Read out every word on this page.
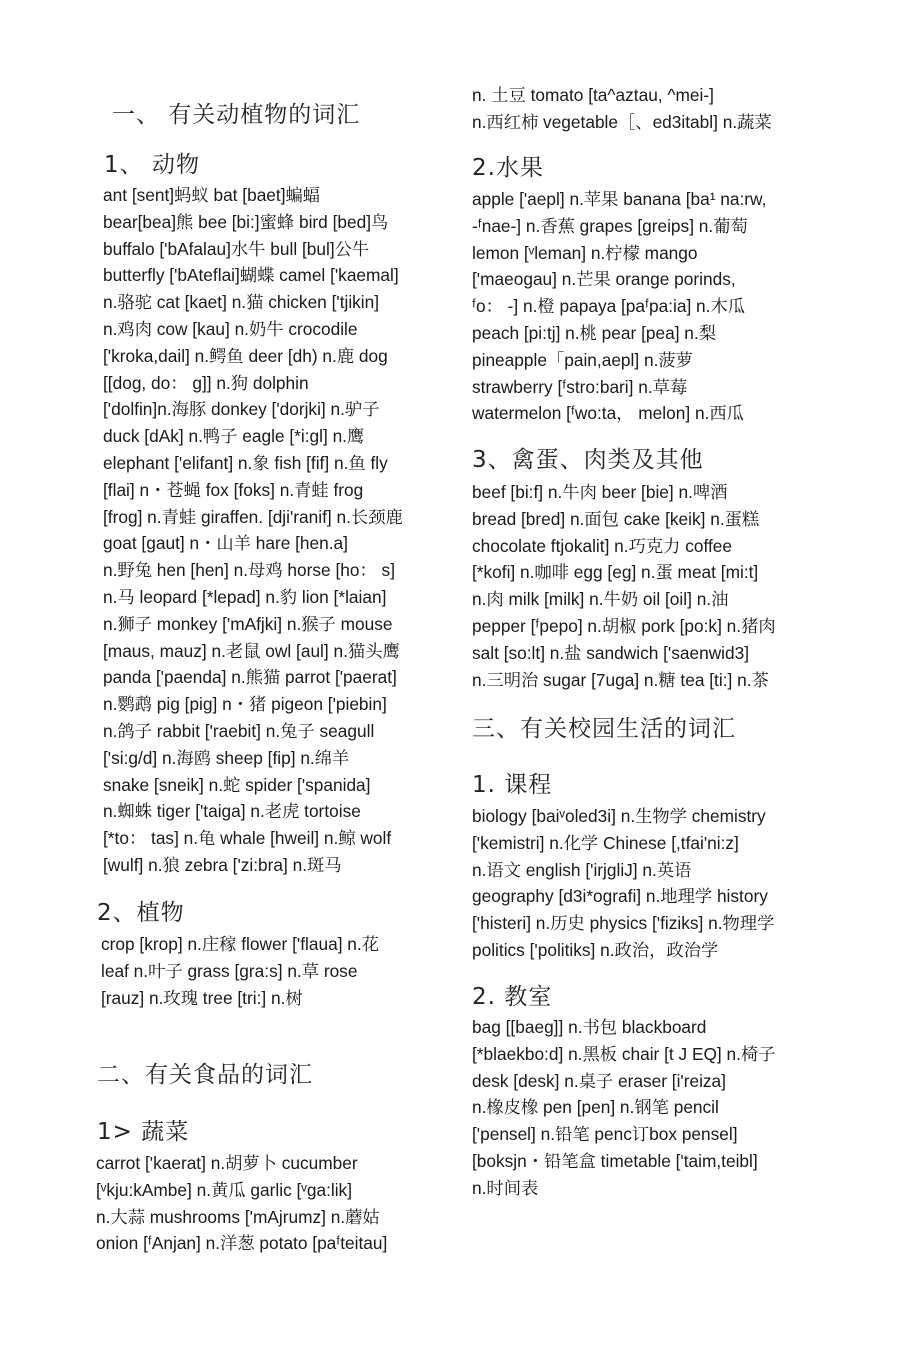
一、 有关动植物的词汇
1、 动物
ant [sent]蚂蚁 bat [baet]蝙蝠
bear[bea]熊 bee [bi:]蜜蜂 bird [bed]鸟
buffalo ['bAfalau]水牛 bull [bul]公牛
butterfly ['bAteflai]蝴蝶 camel ['kaemal]
n.骆驼 cat [kaet] n.猫 chicken ['tjikin]
n.鸡肉 cow [kau] n.奶牛 crocodile
['kroka,dail] n.鳄鱼 deer [dh) n.鹿 dog
[[dog, do： g]] n.狗 dolphin
['dolfin]n.海豚 donkey ['dorjki] n.驴子
duck [dAk] n.鸭子 eagle [*i:gl] n.鹰
elephant ['elifant] n.象 fish [fif] n.鱼 fly
[flai] n・苍蝇 fox [foks] n.青蛙 frog
[frog] n.青蛙 giraffen. [dji'ranif] n.长颈鹿
goat [gaut] n・山羊 hare [hen.a]
n.野兔 hen [hen] n.母鸡 horse [ho： s]
n.马 leopard [*lepad] n.豹 lion [*laian]
n.狮子 monkey ['mAfjki] n.猴子 mouse
[maus, mauz] n.老鼠 owl [aul] n.猫头鹰
panda ['paenda] n.熊猫 parrot ['paerat]
n.鹦鹉 pig [pig] n・猪 pigeon ['piebin]
n.鸽子 rabbit ['raebit] n.兔子 seagull
['si:g/d] n.海鸥 sheep [fip] n.绵羊
snake [sneik] n.蛇 spider ['spanida]
n.蜘蛛 tiger ['taiga] n.老虎 tortoise
[*to： tas] n.龟 whale [hweil] n.鲸 wolf
[wulf] n.狼 zebra ['zi:bra] n.斑马
2、植物
crop [krop] n.庄稼 flower ['flaua] n.花
leaf n.叶子 grass [gra:s] n.草 rose
[rauz] n.玫瑰 tree [tri:] n.树
二、有关食品的词汇
1> 蔬菜
carrot ['kaerat] n.胡萝卜 cucumber
[ᵛkju:kAmbe] n.黄瓜 garlic [ᵛga:lik]
n.大蒜 mushrooms ['mAjrumz] n.蘑姑
onion [ᶠAnjan] n.洋葱 potato [paᶠteitau]
n. 土豆 tomato [ta^aztau, ^mei-]
n.西红柿 vegetable［、ed3itabl] n.蔬菜
2.水果
apple ['aepl] n.苹果 banana [ba¹ na:rw,
-ᶠnae-] n.香蕉 grapes [greips] n.葡萄
lemon [ᵛleman] n.柠檬 mango
['maeogau] n.芒果 orange porinds,
ᶠo： -] n.橙 papaya [paᶠpa:ia] n.木瓜
peach [pi:tj] n.桃 pear [pea] n.梨
pineapple「pain,aepl] n.菠萝
strawberry [ᶠstro:bari] n.草莓
watermelon [ᶠwo:ta， melon] n.西瓜
3、禽蛋、肉类及其他
beef [bi:f] n.牛肉 beer [bie] n.啤酒
bread [bred] n.面包 cake [keik] n.蛋糕
chocolate ftjokalit] n.巧克力 coffee
[*kofi] n.咖啡 egg [eg] n.蛋 meat [mi:t]
n.肉 milk [milk] n.牛奶 oil [oil] n.油
pepper [ᶠpepo] n.胡椒 pork [po:k] n.猪肉
salt [so:lt] n.盐 sandwich ['saenwid3]
n.三明治 sugar [7uga] n.糖 tea [ti:] n.茶
三、有关校园生活的词汇
1. 课程
biology [baiᵛoled3i] n.生物学 chemistry
['kemistri] n.化学 Chinese [,tfai'ni:z]
n.语文 english ['irjgliJ] n.英语
geography [d3i*ografi] n.地理学 history
['histeri] n.历史 physics ['fiziks] n.物理学
politics ['politiks] n.政治，政治学
2. 教室
bag [[baeg]] n.书包 blackboard
[*blaekbo:d] n.黑板 chair [t J EQ] n.椅子
desk [desk] n.桌子 eraser [i'reiza]
n.橡皮橡 pen [pen] n.钢笔 pencil
['pensel] n.铅笔 penc订box pensel]
[boksjn・铅笔盒 timetable ['taim,teibl]
n.时间表
